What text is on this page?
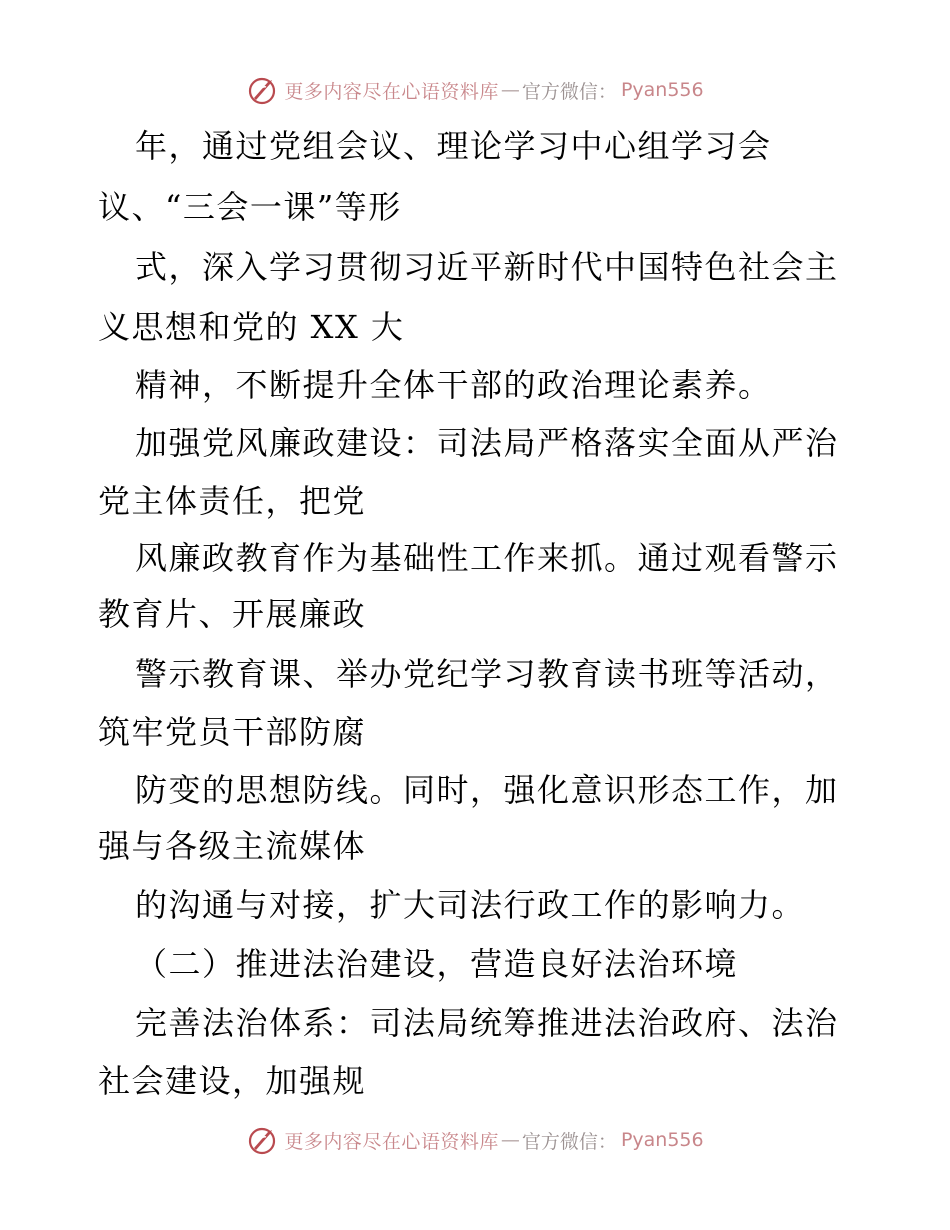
更多内容尽在心语资料库 — 官方微信： Pyan556
年，通过党组会议、理论学习中心组学习会
议、“三会一课”等形
式，深入学习贯彻习近平新时代中国特色社会主
义思想和党的 XX 大
精神，不断提升全体干部的政治理论素养。
加强党风廉政建设：司法局严格落实全面从严治
党主体责任，把党
风廉政教育作为基础性工作来抓。通过观看警示
教育片、开展廉政
警示教育课、举办党纪学习教育读书班等活动，
筑牢党员干部防腐
防变的思想防线。同时，强化意识形态工作，加
强与各级主流媒体
的沟通与对接，扩大司法行政工作的影响力。
（二）推进法治建设，营造良好法治环境
完善法治体系：司法局统筹推进法治政府、法治
社会建设，加强规
更多内容尽在心语资料库 — 官方微信： Pyan556
